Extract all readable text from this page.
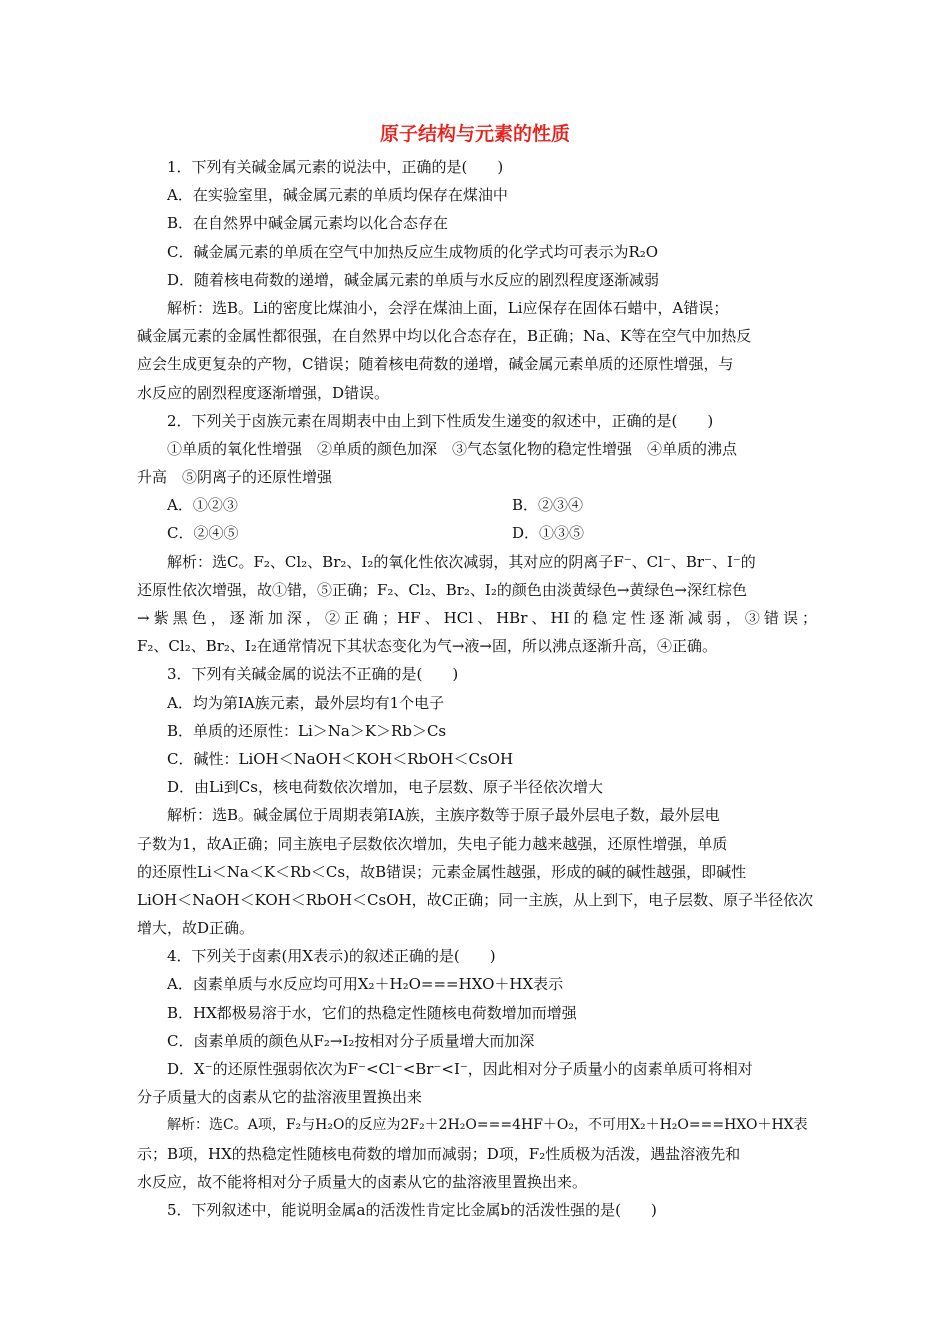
原子结构与元素的性质
1．下列有关碱金属元素的说法中，正确的是(　　)
A．在实验室里，碱金属元素的单质均保存在煤油中
B．在自然界中碱金属元素均以化合态存在
C．碱金属元素的单质在空气中加热反应生成物质的化学式均可表示为R₂O
D．随着核电荷数的递增，碱金属元素的单质与水反应的剧烈程度逐渐减弱
解析：选B。Li的密度比煤油小，会浮在煤油上面，Li应保存在固体石蜡中，A错误；
碱金属元素的金属性都很强，在自然界中均以化合态存在，B正确；Na、K等在空气中加热反
应会生成更复杂的产物，C错误；随着核电荷数的递增，碱金属元素单质的还原性增强，与
水反应的剧烈程度逐渐增强，D错误。
2．下列关于卤族元素在周期表中由上到下性质发生递变的叙述中，正确的是(　　)
①单质的氧化性增强　②单质的颜色加深　③气态氢化物的稳定性增强　④单质的沸点
升高　⑤阴离子的还原性增强
A．①②③	B．②③④
C．②④⑤	D．①③⑤
解析：选C。F₂、Cl₂、Br₂、I₂的氧化性依次减弱，其对应的阴离子F⁻、Cl⁻、Br⁻、I⁻的
还原性依次增强，故①错，⑤正确；F₂、Cl₂、Br₂、I₂的颜色由淡黄绿色→黄绿色→深红棕色
→紫黑色，逐渐加深，②正确；HF、HCl、HBr、HI的稳定性逐渐减弱，③错误；
F₂、Cl₂、Br₂、I₂在通常情况下其状态变化为气→液→固，所以沸点逐渐升高，④正确。
3．下列有关碱金属的说法不正确的是(　　)
A．均为第ⅠA族元素，最外层均有1个电子
B．单质的还原性：Li＞Na＞K＞Rb＞Cs
C．碱性：LiOH＜NaOH＜KOH＜RbOH＜CsOH
D．由Li到Cs，核电荷数依次增加，电子层数、原子半径依次增大
解析：选B。碱金属位于周期表第ⅠA族，主族序数等于原子最外层电子数，最外层电
子数为1，故A正确；同主族电子层数依次增加，失电子能力越来越强，还原性增强，单质
的还原性Li＜Na＜K＜Rb＜Cs，故B错误；元素金属性越强，形成的碱的碱性越强，即碱性
LiOH＜NaOH＜KOH＜RbOH＜CsOH，故C正确；同一主族，从上到下，电子层数、原子半径依次
增大，故D正确。
4．下列关于卤素(用X表示)的叙述正确的是(　　)
A．卤素单质与水反应均可用X₂＋H₂O===HXO＋HX表示
B．HX都极易溶于水，它们的热稳定性随核电荷数增加而增强
C．卤素单质的颜色从F₂→I₂按相对分子质量增大而加深
D．X⁻的还原性强弱依次为F⁻<Cl⁻<Br⁻<I⁻，因此相对分子质量小的卤素单质可将相对
分子质量大的卤素从它的盐溶液里置换出来
解析：选C。A项，F₂与H₂O的反应为2F₂＋2H₂O===4HF＋O₂，不可用X₂＋H₂O===HXO＋HX表
示；B项，HX的热稳定性随核电荷数的增加而减弱；D项，F₂性质极为活泼，遇盐溶液先和
水反应，故不能将相对分子质量大的卤素从它的盐溶液里置换出来。
5．下列叙述中，能说明金属a的活泼性肯定比金属b的活泼性强的是(　　)
